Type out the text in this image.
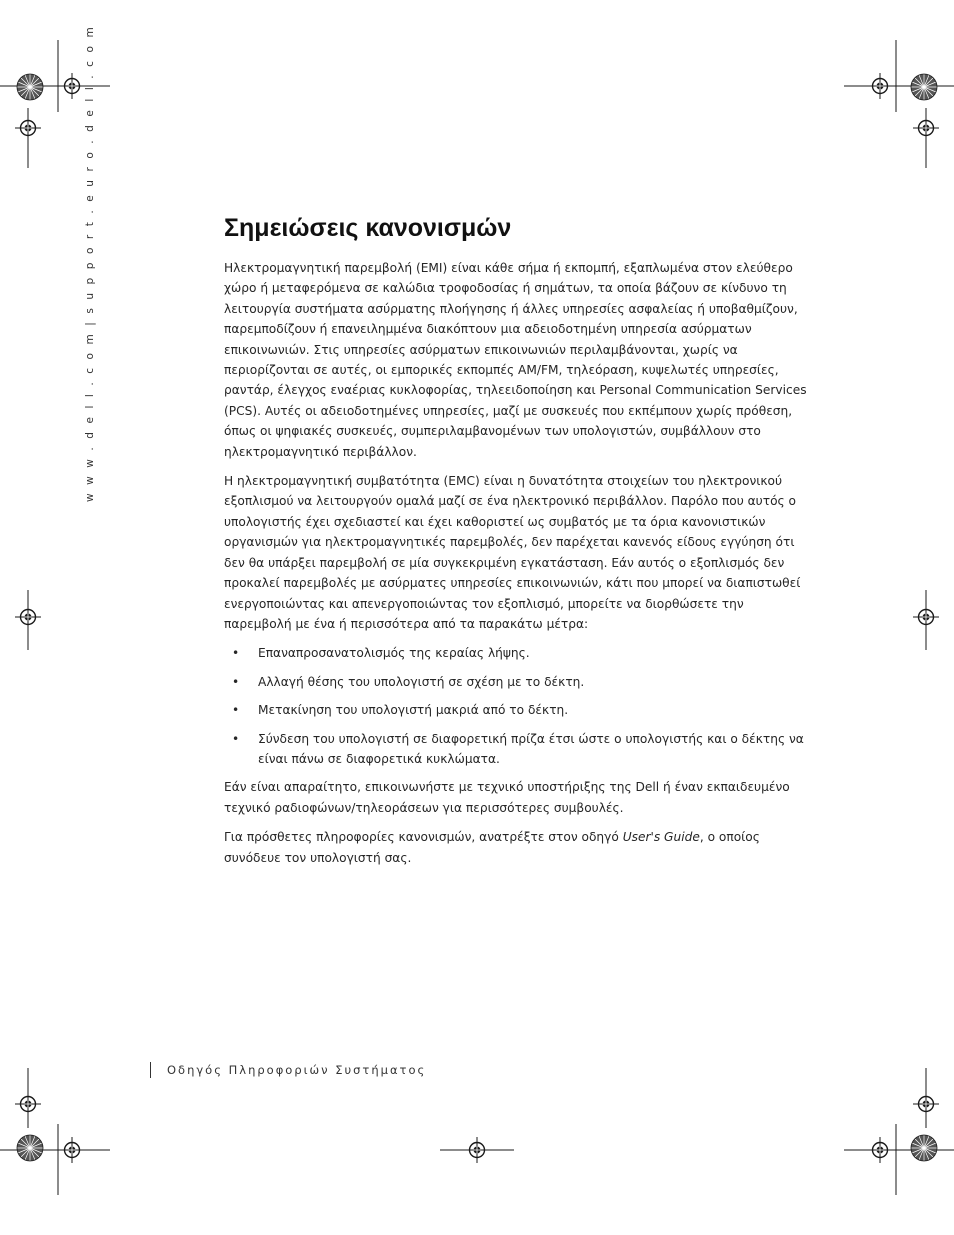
w w w . d e l l . c o m | s u p p o r t . e u r o . d e l l . c o m	Σημειώσεις κανονισμών

Ηλεκτρομαγνητική παρεμβολή (EMI) είναι κάθε σήμα ή εκπομπή, εξαπλωμένα στον ελεύθερο χώρο ή μεταφερόμενα σε καλώδια τροφοδοσίας ή σημάτων, τα οποία βάζουν σε κίνδυνο τη λειτουργία συστήματα ασύρματης πλοήγησης ή άλλες υπηρεσίες ασφαλείας ή υποβαθμίζουν, παρεμποδίζουν ή επανειλημμένα διακόπτουν μια αδειοδοτημένη υπηρεσία ασύρματων επικοινωνιών. Στις υπηρεσίες ασύρματων επικοινωνιών περιλαμβάνονται, χωρίς να περιορίζονται σε αυτές, οι εμπορικές εκπομπές AM/FM, τηλεόραση, κυψελωτές υπηρεσίες, ραντάρ, έλεγχος εναέριας κυκλοφορίας, τηλεειδοποίηση και Personal Communication Services (PCS). Αυτές οι αδειοδοτημένες υπηρεσίες, μαζί με συσκευές που εκπέμπουν χωρίς πρόθεση, όπως οι ψηφιακές συσκευές, συμπεριλαμβανομένων των υπολογιστών, συμβάλλουν στο ηλεκτρομαγνητικό περιβάλλον.

Η ηλεκτρομαγνητική συμβατότητα (EMC) είναι η δυνατότητα στοιχείων του ηλεκτρονικού εξοπλισμού να λειτουργούν ομαλά μαζί σε ένα ηλεκτρονικό περιβάλλον. Παρόλο που αυτός ο υπολογιστής έχει σχεδιαστεί και έχει καθοριστεί ως συμβατός με τα όρια κανονιστικών οργανισμών για ηλεκτρομαγνητικές παρεμβολές, δεν παρέχεται κανενός είδους εγγύηση ότι δεν θα υπάρξει παρεμβολή σε μία συγκεκριμένη εγκατάσταση. Εάν αυτός ο εξοπλισμός δεν προκαλεί παρεμβολές με ασύρματες υπηρεσίες επικοινωνιών, κάτι που μπορεί να διαπιστωθεί ενεργοποιώντας και απενεργοποιώντας τον εξοπλισμό, μπορείτε να διορθώσετε την παρεμβολή με ένα ή περισσότερα από τα παρακάτω μέτρα:

• Επαναπροσανατολισμός της κεραίας λήψης.
• Αλλαγή θέσης του υπολογιστή σε σχέση με το δέκτη.
• Μετακίνηση του υπολογιστή μακριά από το δέκτη.
• Σύνδεση του υπολογιστή σε διαφορετική πρίζα έτσι ώστε ο υπολογιστής και ο δέκτης να είναι πάνω σε διαφορετικά κυκλώματα.

Εάν είναι απαραίτητο, επικοινωνήστε με τεχνικό υποστήριξης της Dell ή έναν εκπαιδευμένο τεχνικό ραδιοφώνων/τηλεοράσεων για περισσότερες συμβουλές.

Για πρόσθετες πληροφορίες κανονισμών, ανατρέξτε στον οδηγό User's Guide, ο οποίος συνόδευε τον υπολογιστή σας.

Οδηγός Πληροφοριών Συστήματος
